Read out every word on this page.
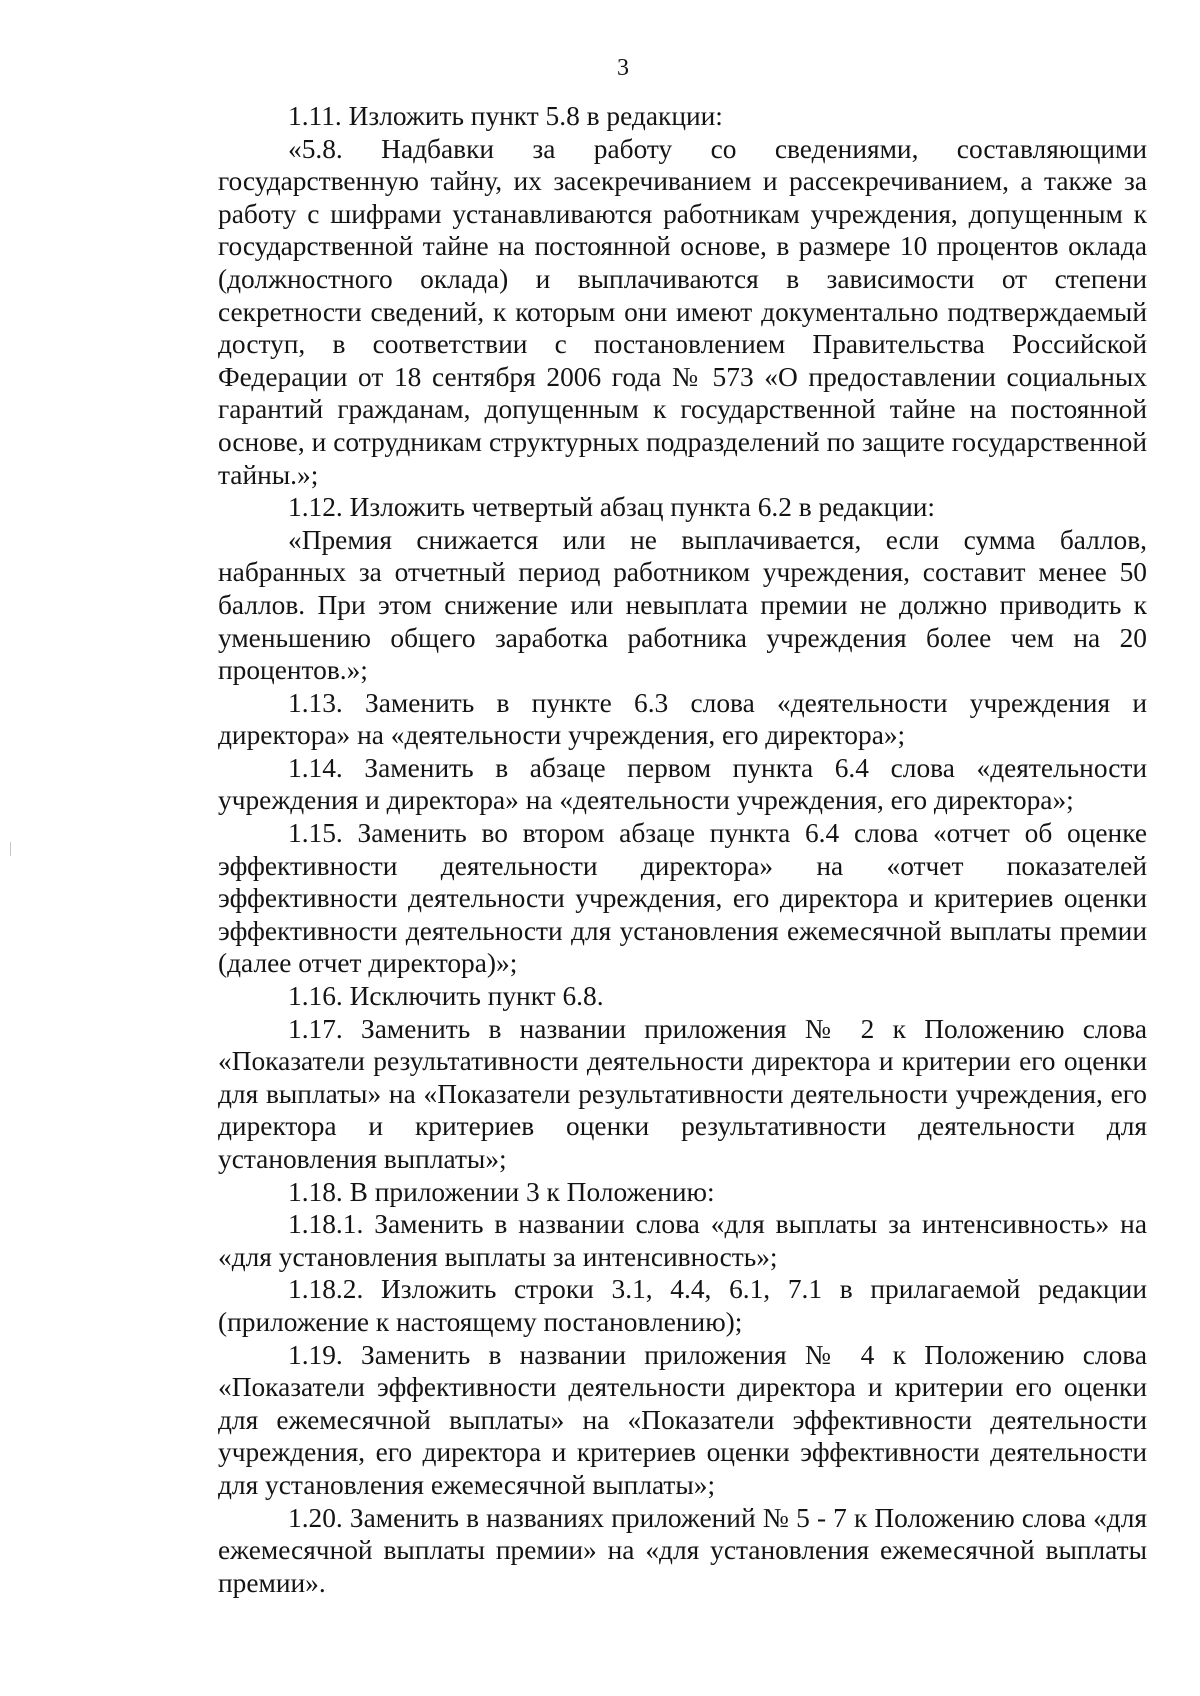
3

1.11. Изложить пункт 5.8 в редакции:

«5.8. Надбавки за работу со сведениями, составляющими государственную тайну, их засекречиванием и рассекречиванием, а также за работу с шифрами устанавливаются работникам учреждения, допущенным к государственной тайне на постоянной основе, в размере 10 процентов оклада (должностного оклада) и выплачиваются в зависимости от степени секретности сведений, к которым они имеют документально подтверждаемый доступ, в соответствии с постановлением Правительства Российской Федерации от 18 сентября 2006 года № 573 «О предоставлении социальных гарантий гражданам, допущенным к государственной тайне на постоянной основе, и сотрудникам структурных подразделений по защите государственной тайны.»;

1.12. Изложить четвертый абзац пункта 6.2 в редакции:

«Премия снижается или не выплачивается, если сумма баллов, набранных за отчетный период работником учреждения, составит менее 50 баллов. При этом снижение или невыплата премии не должно приводить к уменьшению общего заработка работника учреждения более чем на 20 процентов.»;

1.13. Заменить в пункте 6.3 слова «деятельности учреждения и директора» на «деятельности учреждения, его директора»;

1.14. Заменить в абзаце первом пункта 6.4 слова «деятельности учреждения и директора» на «деятельности учреждения, его директора»;

1.15. Заменить во втором абзаце пункта 6.4 слова «отчет об оценке эффективности деятельности директора» на «отчет показателей эффективности деятельности учреждения, его директора и критериев оценки эффективности деятельности для установления ежемесячной выплаты премии (далее отчет директора)»;

1.16. Исключить пункт 6.8.

1.17. Заменить в названии приложения № 2 к Положению слова «Показатели результативности деятельности директора и критерии его оценки для выплаты» на «Показатели результативности деятельности учреждения, его директора и критериев оценки результативности деятельности для установления выплаты»;

1.18. В приложении 3 к Положению:

1.18.1. Заменить в названии слова «для выплаты за интенсивность» на «для установления выплаты за интенсивность»;

1.18.2. Изложить строки 3.1, 4.4, 6.1, 7.1 в прилагаемой редакции (приложение к настоящему постановлению);

1.19. Заменить в названии приложения № 4 к Положению слова «Показатели эффективности деятельности директора и критерии его оценки для ежемесячной выплаты» на «Показатели эффективности деятельности учреждения, его директора и критериев оценки эффективности деятельности для установления ежемесячной выплаты»;

1.20. Заменить в названиях приложений № 5 - 7 к Положению слова «для ежемесячной выплаты премии» на «для установления ежемесячной выплаты премии».
